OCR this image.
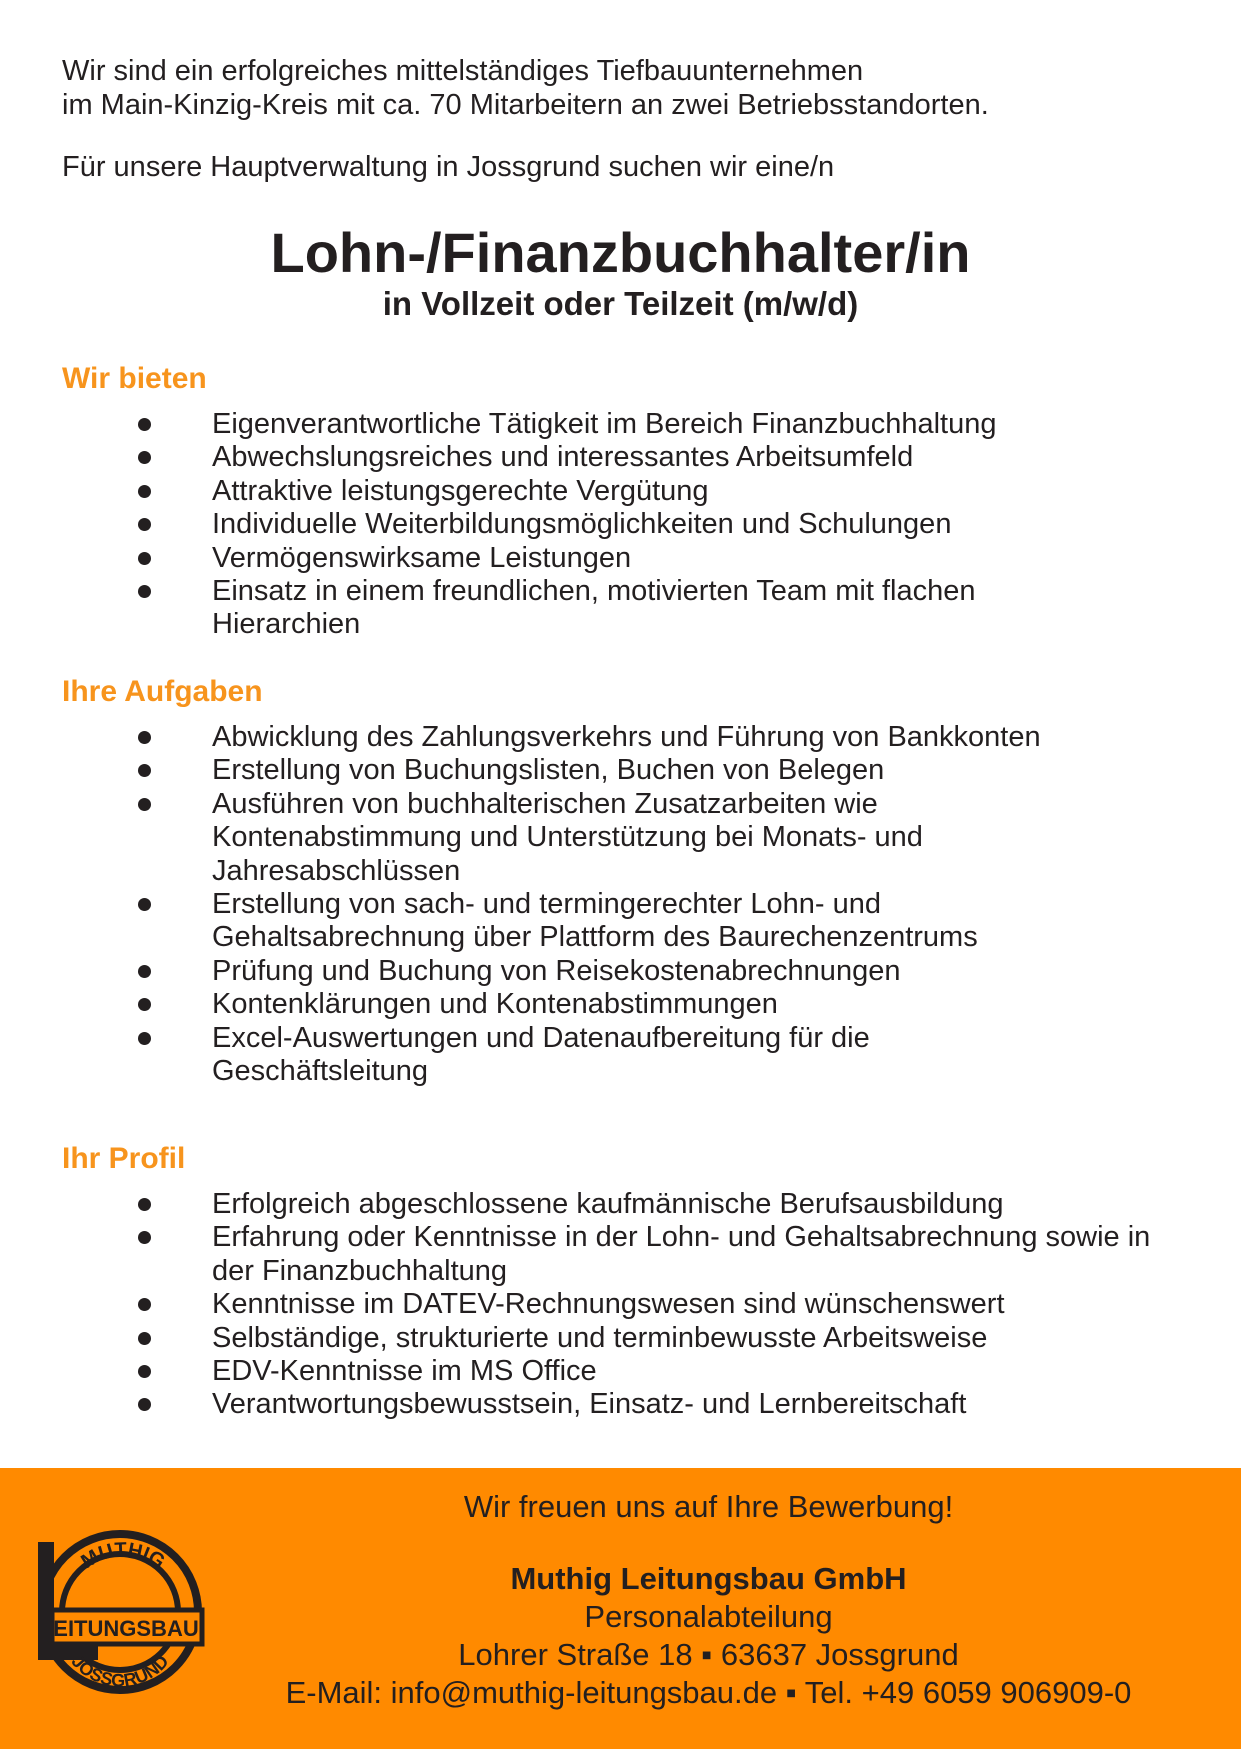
Wir sind ein erfolgreiches mittelständiges Tiefbauunternehmen
im Main-Kinzig-Kreis mit ca. 70 Mitarbeitern an zwei Betriebsstandorten.
Für unsere Hauptverwaltung in Jossgrund suchen wir eine/n
Lohn-/Finanzbuchhalter/in
in Vollzeit oder Teilzeit (m/w/d)
Wir bieten
Eigenverantwortliche Tätigkeit im Bereich Finanzbuchhaltung
Abwechslungsreiches und interessantes Arbeitsumfeld
Attraktive leistungsgerechte Vergütung
Individuelle Weiterbildungsmöglichkeiten und Schulungen
Vermögenswirksame Leistungen
Einsatz in einem freundlichen, motivierten Team mit flachen Hierarchien
Ihre Aufgaben
Abwicklung des Zahlungsverkehrs und Führung von Bankkonten
Erstellung von Buchungslisten, Buchen von Belegen
Ausführen von buchhalterischen Zusatzarbeiten wie Kontenabstimmung und Unterstützung bei Monats- und Jahresabschlüssen
Erstellung von sach- und termingerechter Lohn- und Gehaltsabrechnung über Plattform des Baurechenzentrums
Prüfung und Buchung von Reisekostenabrechnungen
Kontenklärungen und Kontenabstimmungen
Excel-Auswertungen und Datenaufbereitung für die Geschäftsleitung
Ihr Profil
Erfolgreich abgeschlossene kaufmännische Berufsausbildung
Erfahrung oder Kenntnisse in der Lohn- und Gehaltsabrechnung sowie in der Finanzbuchhaltung
Kenntnisse im DATEV-Rechnungswesen sind wünschenswert
Selbständige, strukturierte und terminbewusste Arbeitsweise
EDV-Kenntnisse im MS Office
Verantwortungsbewusstsein, Einsatz- und Lernbereitschaft
EITUNGSBAU
MUTHIG
JOSSGRUND

Wir freuen uns auf Ihre Bewerbung!

Muthig Leitungsbau GmbH

Personalabteilung

Lohrer Straße 18 ▪ 63637 Jossgrund

E-Mail: info@muthig-leitungsbau.de ▪ Tel. +49 6059 906909-0
